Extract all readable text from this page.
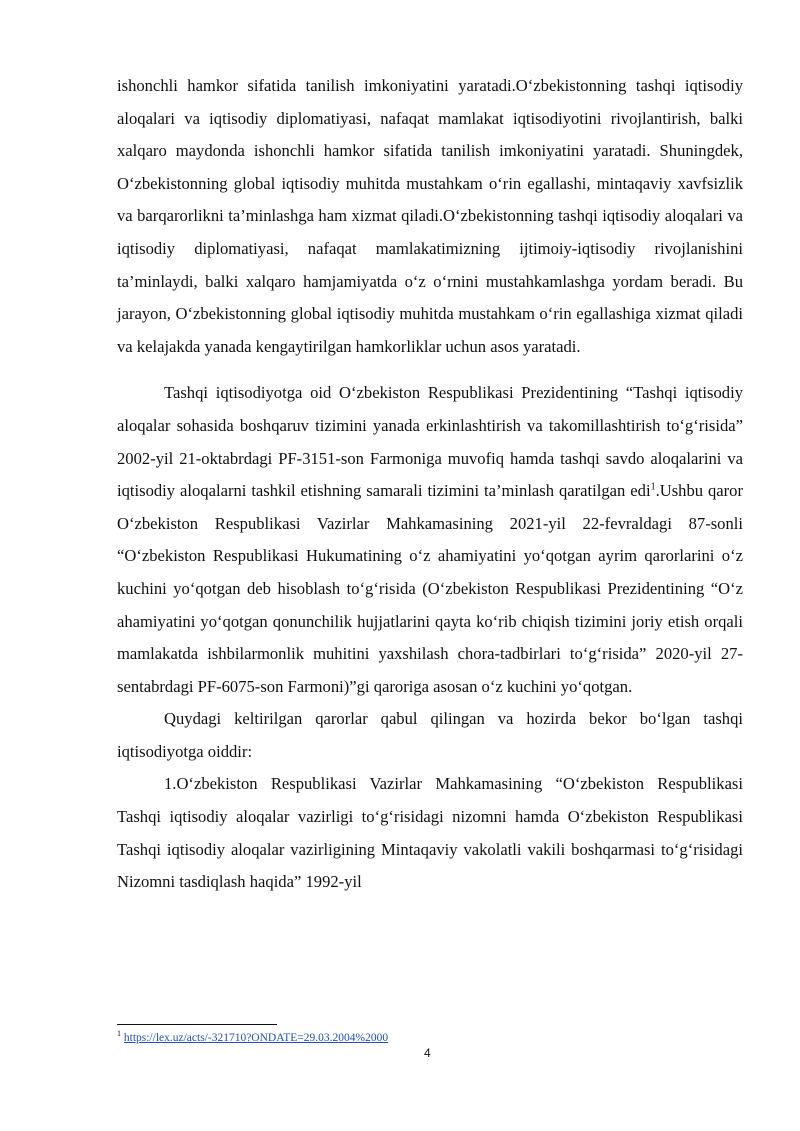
ishonchli hamkor sifatida tanilish imkoniyatini yaratadi.O‘zbekistonning tashqi iqtisodiy aloqalari va iqtisodiy diplomatiyasi, nafaqat mamlakat iqtisodiyotini rivojlantirish, balki xalqaro maydonda ishonchli hamkor sifatida tanilish imkoniyatini yaratadi. Shuningdek, O‘zbekistonning global iqtisodiy muhitda mustahkam o‘rin egallashi, mintaqaviy xavfsizlik va barqarorlikni ta’minlashga ham xizmat qiladi.O‘zbekistonning tashqi iqtisodiy aloqalari va iqtisodiy diplomatiyasi, nafaqat mamlakatimizning ijtimoiy-iqtisodiy rivojlanishini ta’minlaydi, balki xalqaro hamjamiyatda o‘z o‘rnini mustahkamlashga yordam beradi. Bu jarayon, O‘zbekistonning global iqtisodiy muhitda mustahkam o‘rin egallashiga xizmat qiladi va kelajakda yanada kengaytirilgan hamkorliklar uchun asos yaratadi.

Tashqi iqtisodiyotga oid O‘zbekiston Respublikasi Prezidentining “Tashqi iqtisodiy aloqalar sohasida boshqaruv tizimini yanada erkinlashtirish va takomillashtirish to‘g‘risida” 2002-yil 21-oktabrdagi PF-3151-son Farmoniga muvofiq hamda tashqi savdo aloqalarini va iqtisodiy aloqalarni tashkil etishning samarali tizimini ta’minlash qaratilgan edi$^1$.Ushbu qaror O‘zbekiston Respublikasi Vazirlar Mahkamasining 2021-yil 22-fevraldagi 87-sonli “O‘zbekiston Respublikasi Hukumatining o‘z ahamiyatini yo‘qotgan ayrim qarorlarini o‘z kuchini yo‘qotgan deb hisoblash to‘g‘risida (O‘zbekiston Respublikasi Prezidentining “O‘z ahamiyatini yo‘qotgan qonunchilik hujjatlarini qayta ko‘rib chiqish tizimini joriy etish orqali mamlakatda ishbilarmonlik muhitini yaxshilash chora-tadbirlari to‘g‘risida” 2020-yil 27-sentabrdagi PF-6075-son Farmoni)”gi qaroriga asosan o‘z kuchini yo‘qotgan.

Quydagi keltirilgan qarorlar qabul qilingan va hozirda bekor bo‘lgan tashqi iqtisodiyotga oiddir:

1.O‘zbekiston Respublikasi Vazirlar Mahkamasining “O‘zbekiston Respublikasi Tashqi iqtisodiy aloqalar vazirligi to‘g‘risidagi nizomni hamda O‘zbekiston Respublikasi Tashqi iqtisodiy aloqalar vazirligining Mintaqaviy vakolatli vakili boshqarmasi to‘g‘risidagi Nizomni tasdiqlash haqida” 1992-yil

$^1$ https://lex.uz/acts/-321710?ONDATE=29.03.2004%2000
4
